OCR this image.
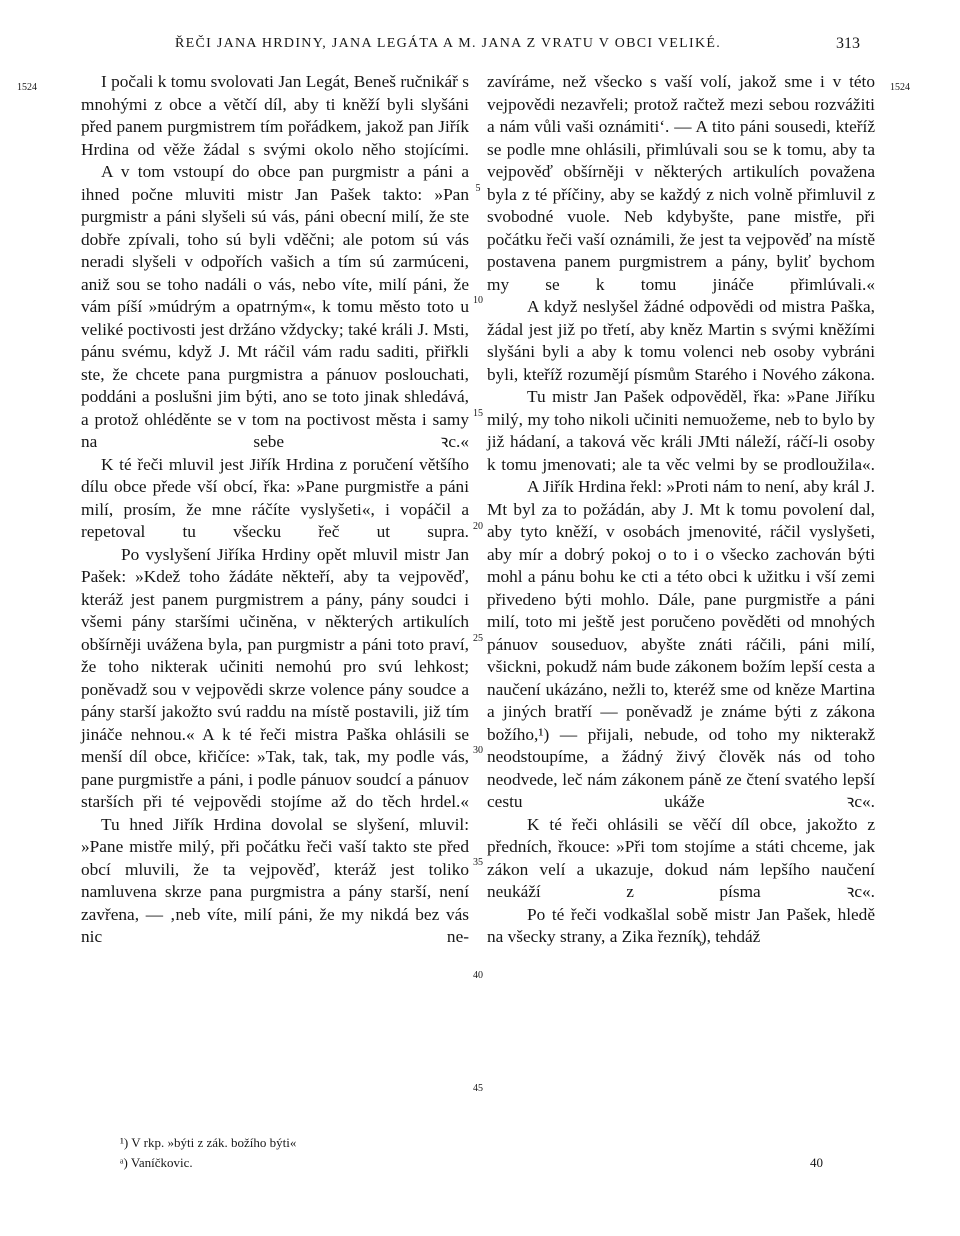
ŘEČI JANA HRDINY, JANA LEGÁTA A M. JANA Z VRATU V OBCI VELIKÉ.	313
1524	1524

I počali k tomu svolovati Jan Legát, Beneš ručnikář s mnohými z obce a větčí díl, aby ti kněží byli slyšáni před panem purgmistrem tím pořádkem, jakož pan Jiřík Hrdina od věže žádal s svými okolo něho stojícími.

A v tom vstoupí do obce pan purgmistr a páni a ihned počne mluviti mistr Jan Pašek takto: »Pan purgmistr a páni slyšeli sú vás, páni obecní milí, že ste dobře zpívali, toho sú byli vděčni; ale potom sú vás neradi slyšeli v odpořích vašich a tím sú zarmúceni, aniž sou se toho nadáli o vás, nebo víte, milí páni, že vám píší »múdrým a opatrným«, k tomu město toto u veliké poctivosti jest držáno vždycky; také králi J. Msti, pánu svému, když J. Mt ráčil vám radu saditi, přiřkli ste, že chcete pana purgmistra a pánuov poslouchati, poddáni a poslušni jim býti, ano se toto jinak shledává, a protož ohléděnte se v tom na poctivost města i samy na sebe ꝛc.«

K té řeči mluvil jest Jiřík Hrdina z poručení většího dílu obce přede vší obcí, řka: »Pane purgmistře a páni milí, prosím, že mne ráčíte vyslyšeti«, i vopáčil a repetoval tu všecku řeč ut supra.

Po vyslyšení Jiříka Hrdiny opět mluvil mistr Jan Pašek: »Kdež toho žádáte někteří, aby ta vejpověď, kteráž jest panem purgmistrem a pány, pány soudci i všemi pány staršími učiněna, v některých artikulích obšírněji uvážena byla, pan purgmistr a páni toto praví, že toho nikterak učiniti nemohú pro svú lehkost; poněvadž sou v vejpovědi skrze volence pány soudce a pány starší jakožto svú raddu na místě postavili, již tím jináče nehnou.« A k té řeči mistra Paška ohlásili se menší díl obce, křičíce: »Tak, tak, tak, my podle vás, pane purgmistře a páni, i podle pánuov soudcí a pánuov starších při té vejpovědi stojíme až do těch hrdel.«

Tu hned Jiřík Hrdina dovolal se slyšení, mluvil: »Pane mistře milý, při počátku řeči vaší takto ste před obcí mluvili, že ta vejpověď, kteráž jest toliko namluvena skrze pana purgmistra a pány starší, není zavřena, — ‚neb víte, milí páni, že my nikdá bez vás nic ne-

zavíráme, než všecko s vaší volí, jakož sme i v této vejpovědi nezavřeli; protož račtež mezi sebou rozvážiti a nám vůli vaši oznámiti‘. — A tito páni sousedi, kteříž se podle mne ohlásili, přimlúvali sou se k tomu, aby ta vejpověď obšírněji v některých artikulích považena byla z té příčiny, aby se každý z nich volně přimluvil z svobodné vuole. Neb kdybyšte, pane mistře, při počátku řeči vaší oznámili, že jest ta vejpověď na místě postavena panem purgmistrem a pány, byliť bychom my se k tomu jináče přimlúvali.«

A když neslyšel žádné odpovědi od mistra Paška, žádal jest již po třetí, aby kněz Martin s svými kněžími slyšáni byli a aby k tomu volenci neb osoby vybráni byli, kteříž rozumějí písmům Starého i Nového zákona.

Tu mistr Jan Pašek odpověděl, řka: »Pane Jiříku milý, my toho nikoli učiniti nemuožeme, neb to bylo by již hádaní, a taková věc králi JMti náleží, ráčí-li osoby k tomu jmenovati; ale ta věc velmi by se prodloužila«.

A Jiřík Hrdina řekl: »Proti nám to není, aby král J. Mt byl za to požádán, aby J. Mt k tomu povolení dal, aby tyto kněží, v osobách jmenovité, ráčil vyslyšeti, aby mír a dobrý pokoj o to i o všecko zachován býti mohl a pánu bohu ke cti a této obci k užitku i vší zemi přivedeno býti mohlo. Dále, pane purgmistře a páni milí, toto mi ještě jest poručeno pověděti od mnohých pánuov souseduov, abyšte znáti ráčili, páni milí, všickni, pokudž nám bude zákonem božím lepší cesta a naučení ukázáno, nežli to, kteréž sme od kněze Martina a jiných bratří — poněvadž je známe býti z zákona božího,¹) — přijali, nebude, od toho my nikterakž neodstoupíme, a žádný živý člověk nás od toho neodvede, leč nám zákonem páně ze čtení svatého lepší cestu ukáže ꝛc«.

K té řeči ohlásili se věčí díl obce, jakožto z předních, řkouce: »Při tom stojíme a státi chceme, jak zákon velí a ukazuje, dokud nám lepšího naučení neukáží z písma ꝛc«.

Po té řeči vodkašlal sobě mistr Jan Pašek, hledě na všecky strany, a Zika řezník᷊), tehdáž

5
10
15
20
25
30
35
40
45

¹) V rkp. »býti z zák. božího býti«

ᵃ) Vaníčkovic.	40
